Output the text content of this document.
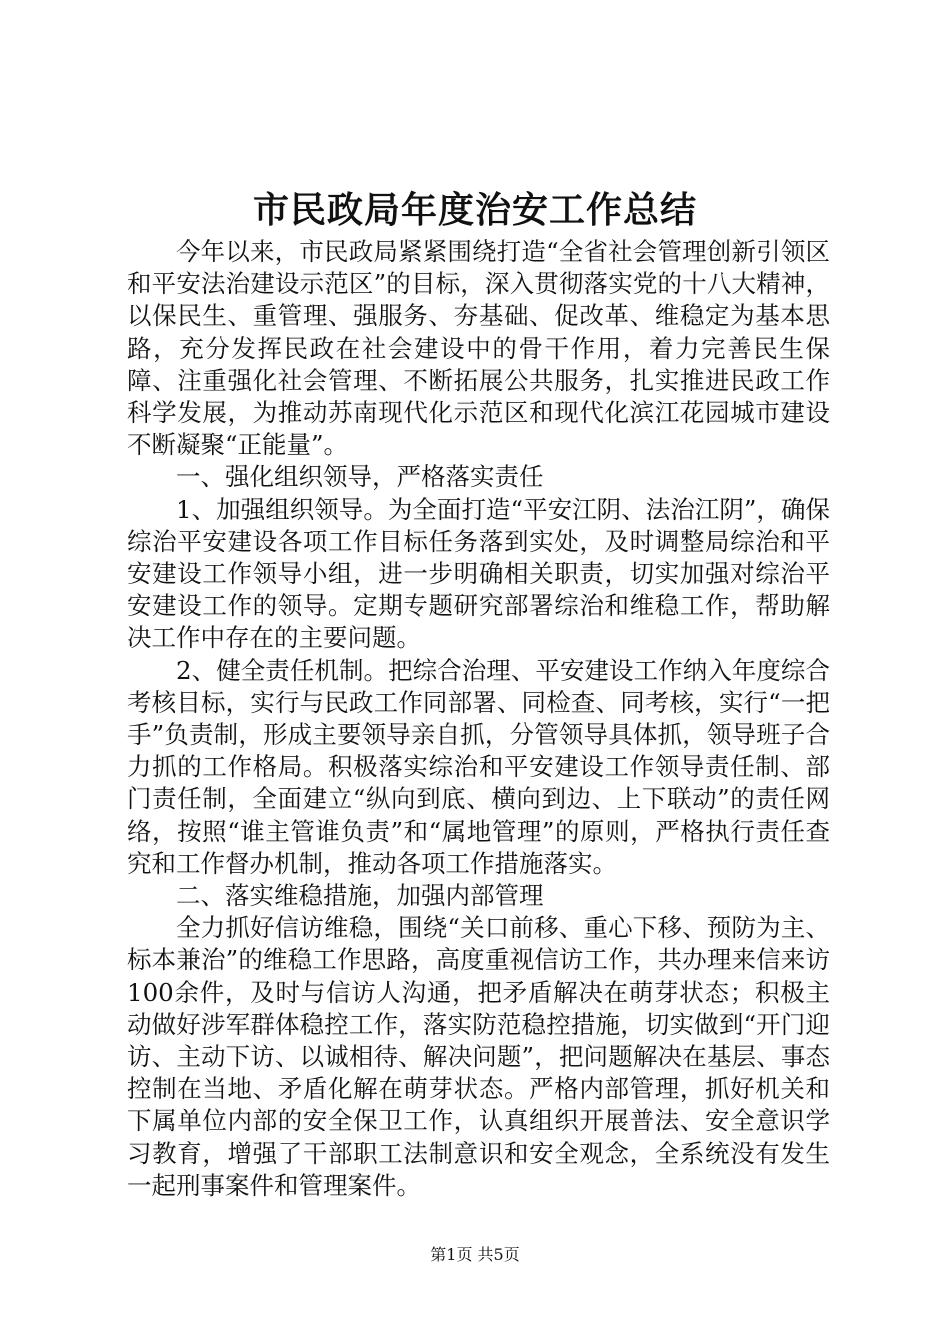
市民政局年度治安工作总结

今年以来，市民政局紧紧围绕打造“全省社会管理创新引领区和平安法治建设示范区”的目标，深入贯彻落实党的十八大精神，以保民生、重管理、强服务、夯基础、促改革、维稳定为基本思路，充分发挥民政在社会建设中的骨干作用，着力完善民生保障、注重强化社会管理、不断拓展公共服务，扎实推进民政工作科学发展，为推动苏南现代化示范区和现代化滨江花园城市建设不断凝聚“正能量”。

一、强化组织领导，严格落实责任

1、加强组织领导。为全面打造“平安江阴、法治江阴”，确保综治平安建设各项工作目标任务落到实处，及时调整局综治和平安建设工作领导小组，进一步明确相关职责，切实加强对综治平安建设工作的领导。定期专题研究部署综治和维稳工作，帮助解决工作中存在的主要问题。

2、健全责任机制。把综合治理、平安建设工作纳入年度综合考核目标，实行与民政工作同部署、同检查、同考核，实行“一把手”负责制，形成主要领导亲自抓，分管领导具体抓，领导班子合力抓的工作格局。积极落实综治和平安建设工作领导责任制、部门责任制，全面建立“纵向到底、横向到边、上下联动”的责任网络，按照“谁主管谁负责”和“属地管理”的原则，严格执行责任查究和工作督办机制，推动各项工作措施落实。

二、落实维稳措施，加强内部管理

全力抓好信访维稳，围绕“关口前移、重心下移、预防为主、标本兼治”的维稳工作思路，高度重视信访工作，共办理来信来访100余件，及时与信访人沟通，把矛盾解决在萌芽状态；积极主动做好涉军群体稳控工作，落实防范稳控措施，切实做到“开门迎访、主动下访、以诚相待、解决问题”，把问题解决在基层、事态控制在当地、矛盾化解在萌芽状态。严格内部管理，抓好机关和下属单位内部的安全保卫工作，认真组织开展普法、安全意识学习教育，增强了干部职工法制意识和安全观念，全系统没有发生一起刑事案件和管理案件。

第1页 共5页
